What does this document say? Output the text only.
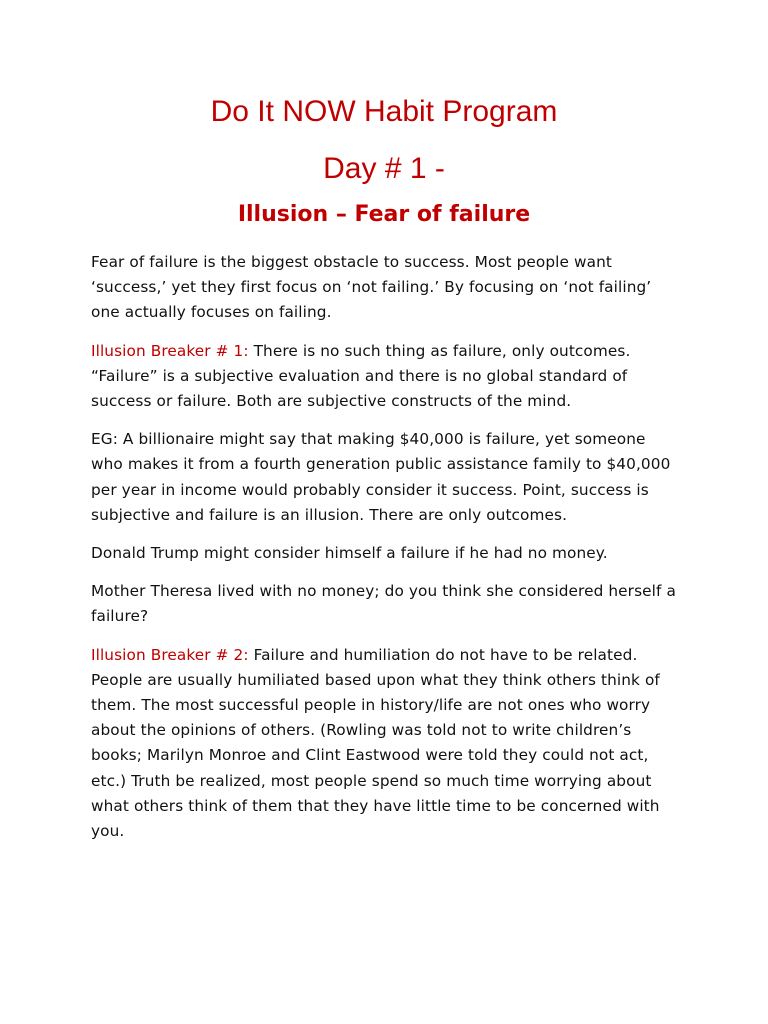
Do It NOW Habit Program
Day # 1 -
Illusion – Fear of failure

Fear of failure is the biggest obstacle to success. Most people want ‘success,’ yet they first focus on ‘not failing.’ By focusing on ‘not failing’ one actually focuses on failing.

Illusion Breaker # 1: There is no such thing as failure, only outcomes. “Failure” is a subjective evaluation and there is no global standard of success or failure. Both are subjective constructs of the mind.

EG: A billionaire might say that making $40,000 is failure, yet someone who makes it from a fourth generation public assistance family to $40,000 per year in income would probably consider it success. Point, success is subjective and failure is an illusion. There are only outcomes.

Donald Trump might consider himself a failure if he had no money.

Mother Theresa lived with no money; do you think she considered herself a failure?

Illusion Breaker # 2: Failure and humiliation do not have to be related. People are usually humiliated based upon what they think others think of them. The most successful people in history/life are not ones who worry about the opinions of others. (Rowling was told not to write children’s books; Marilyn Monroe and Clint Eastwood were told they could not act, etc.) Truth be realized, most people spend so much time worrying about what others think of them that they have little time to be concerned with you.
